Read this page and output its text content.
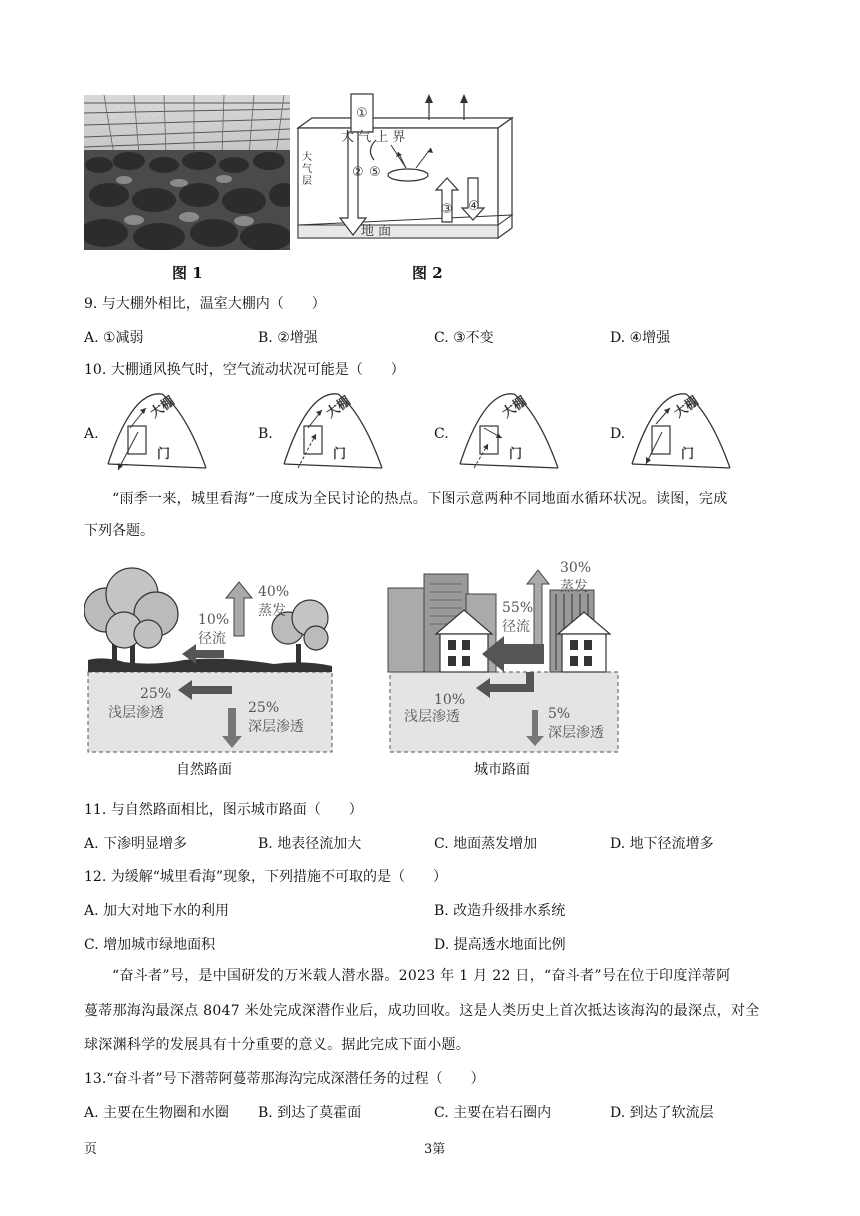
①
大 气 上 界
② ⑤
③ ④
地 面
大气层
图 1	图 2
9. 与大棚外相比，温室大棚内（　　）
A. ①减弱	B. ②增强	C. ③不变	D. ④增强
10. 大棚通风换气时，空气流动状况可能是（　　）
A.
大棚
门
B.
大棚
门
C.
大棚
门
D.
大棚
门
“雨季一来，城里看海”一度成为全民讨论的热点。下图示意两种不同地面水循环状况。读图，完成
下列各题。
40%
蒸发
10%
径流
25%
浅层渗透	25%
深层渗透
自然路面
30%
蒸发
55%
径流
10%
浅层渗透	5%
深层渗透
城市路面
11. 与自然路面相比，图示城市路面（　　）
A. 下渗明显增多	B. 地表径流加大	C. 地面蒸发增加	D. 地下径流增多
12. 为缓解“城里看海”现象，下列措施不可取的是（　　）
A. 加大对地下水的利用	B. 改造升级排水系统
C. 增加城市绿地面积	D. 提高透水地面比例
“奋斗者”号，是中国研发的万米载人潜水器。2023 年 1 月 22 日，“奋斗者”号在位于印度洋蒂阿
蔓蒂那海沟最深点 8047 米处完成深潜作业后，成功回收。这是人类历史上首次抵达该海沟的最深点，对全
球深渊科学的发展具有十分重要的意义。据此完成下面小题。
13.“奋斗者”号下潜蒂阿蔓蒂那海沟完成深潜任务的过程（　　）
A. 主要在生物圈和水圈 B. 到达了莫霍面	C. 主要在岩石圈内	D. 到达了软流层
页	3第
